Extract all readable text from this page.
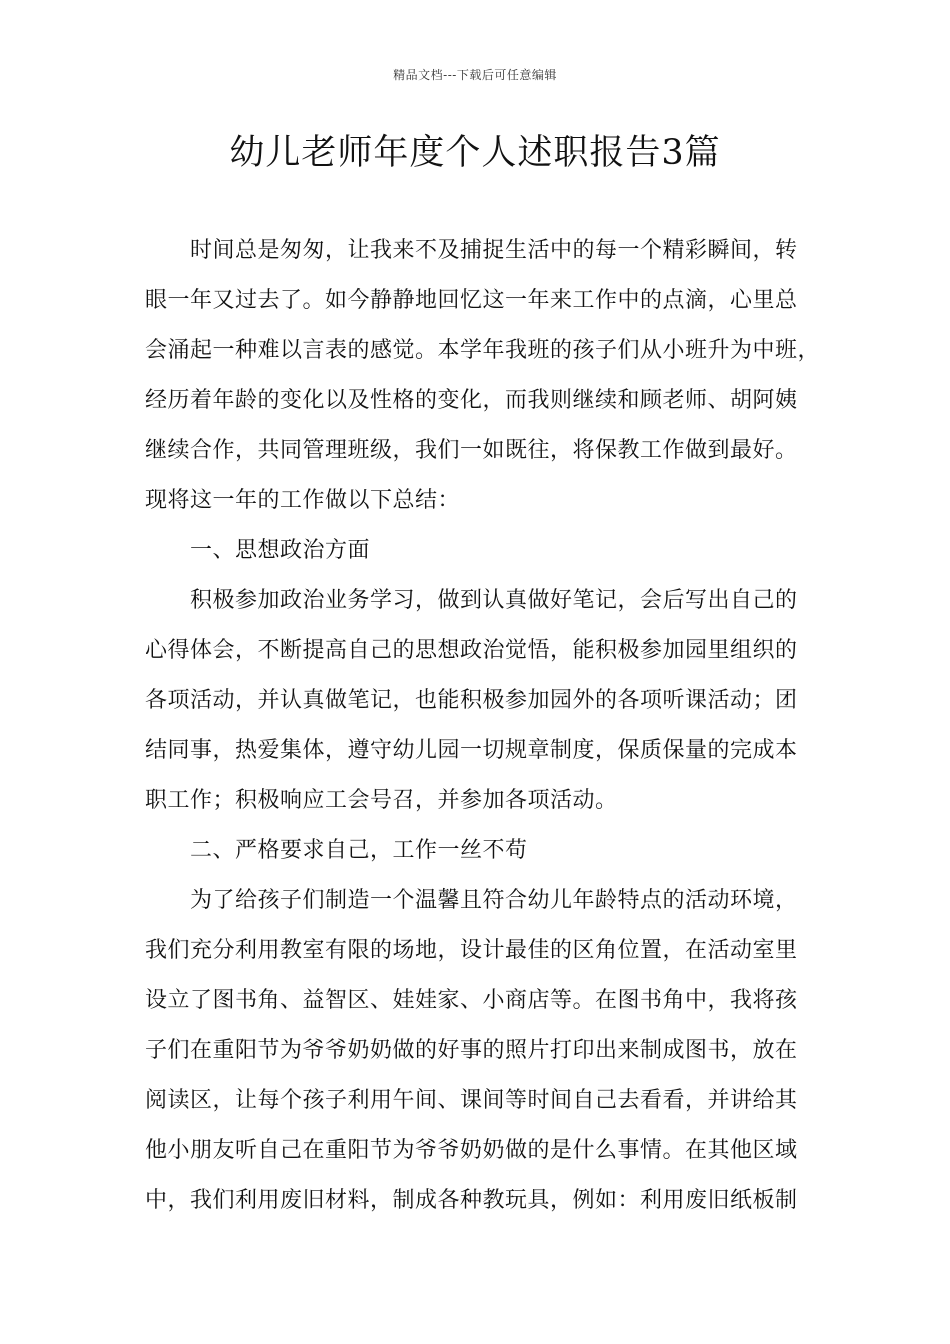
精品文档---下载后可任意编辑
幼儿老师年度个人述职报告3篇
时间总是匆匆，让我来不及捕捉生活中的每一个精彩瞬间，转
眼一年又过去了。如今静静地回忆这一年来工作中的点滴，心里总
会涌起一种难以言表的感觉。本学年我班的孩子们从小班升为中班，
经历着年龄的变化以及性格的变化，而我则继续和顾老师、胡阿姨
继续合作，共同管理班级，我们一如既往，将保教工作做到最好。
现将这一年的工作做以下总结：
一、思想政治方面
积极参加政治业务学习，做到认真做好笔记，会后写出自己的
心得体会，不断提高自己的思想政治觉悟，能积极参加园里组织的
各项活动，并认真做笔记，也能积极参加园外的各项听课活动；团
结同事，热爱集体，遵守幼儿园一切规章制度，保质保量的完成本
职工作；积极响应工会号召，并参加各项活动。
二、严格要求自己，工作一丝不苟
为了给孩子们制造一个温馨且符合幼儿年龄特点的活动环境，
我们充分利用教室有限的场地，设计最佳的区角位置，在活动室里
设立了图书角、益智区、娃娃家、小商店等。在图书角中，我将孩
子们在重阳节为爷爷奶奶做的好事的照片打印出来制成图书，放在
阅读区，让每个孩子利用午间、课间等时间自己去看看，并讲给其
他小朋友听自己在重阳节为爷爷奶奶做的是什么事情。在其他区域
中，我们利用废旧材料，制成各种教玩具，例如：利用废旧纸板制
